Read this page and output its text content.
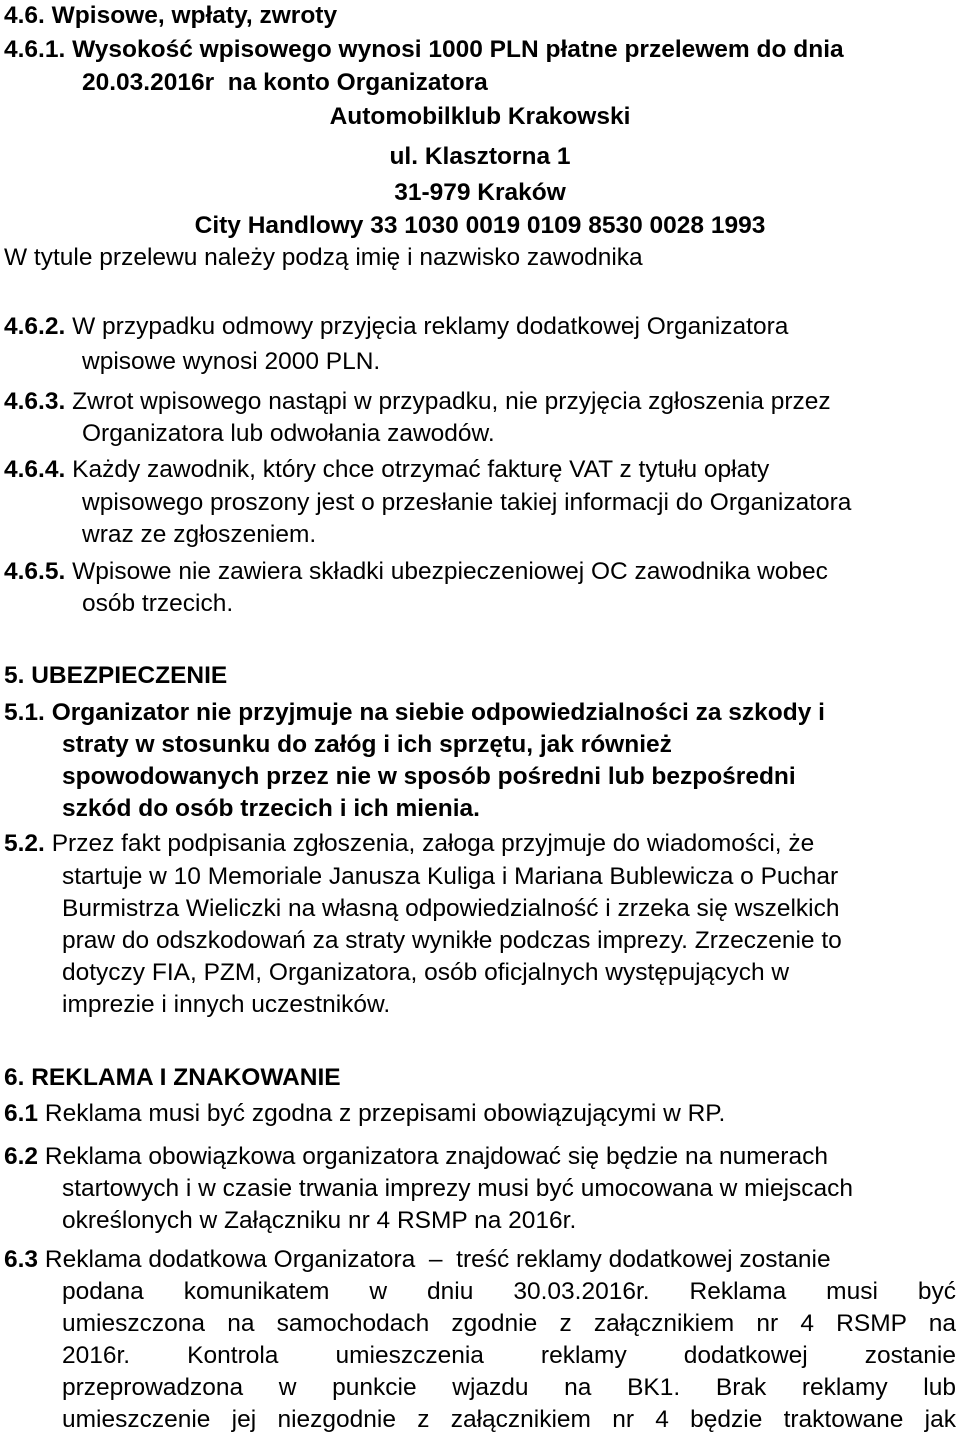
4.6. Wpisowe, wpłaty, zwroty
4.6.1. Wysokość wpisowego wynosi 1000 PLN płatne przelewem do dnia
20.03.2016r  na konto Organizatora
Automobilklub Krakowski
ul. Klasztorna 1
31-979 Kraków
City Handlowy 33 1030 0019 0109 8530 0028 1993
W tytule przelewu należy podzą imię i nazwisko zawodnika
4.6.2. W przypadku odmowy przyjęcia reklamy dodatkowej Organizatora
wpisowe wynosi 2000 PLN.
4.6.3. Zwrot wpisowego nastąpi w przypadku, nie przyjęcia zgłoszenia przez
Organizatora lub odwołania zawodów.
4.6.4. Każdy zawodnik, który chce otrzymać fakturę VAT z tytułu opłaty
wpisowego proszony jest o przesłanie takiej informacji do Organizatora
wraz ze zgłoszeniem.
4.6.5. Wpisowe nie zawiera składki ubezpieczeniowej OC zawodnika wobec
osób trzecich.
5. UBEZPIECZENIE
5.1. Organizator nie przyjmuje na siebie odpowiedzialności za szkody i
straty w stosunku do załóg i ich sprzętu, jak również
spowodowanych przez nie w sposób pośredni lub bezpośredni
szkód do osób trzecich i ich mienia.
5.2. Przez fakt podpisania zgłoszenia, załoga przyjmuje do wiadomości, że
startuje w 10 Memoriale Janusza Kuliga i Mariana Bublewicza o Puchar
Burmistrza Wieliczki na własną odpowiedzialność i zrzeka się wszelkich
praw do odszkodowań za straty wynikłe podczas imprezy. Zrzeczenie to
dotyczy FIA, PZM, Organizatora, osób oficjalnych występujących w
imprezie i innych uczestników.
6. REKLAMA I ZNAKOWANIE
6.1 Reklama musi być zgodna z przepisami obowiązującymi w RP.
6.2 Reklama obowiązkowa organizatora znajdować się będzie na numerach
startowych i w czasie trwania imprezy musi być umocowana w miejscach
określonych w Załączniku nr 4 RSMP na 2016r.
6.3 Reklama dodatkowa Organizatora  –  treść reklamy dodatkowej zostanie
podana komunikatem w dniu 30.03.2016r. Reklama musi być
umieszczona na samochodach zgodnie z załącznikiem nr 4 RSMP na
2016r. Kontrola umieszczenia reklamy dodatkowej zostanie
przeprowadzona w punkcie wjazdu na BK1. Brak reklamy lub
umieszczenie jej niezgodnie z załącznikiem nr 4 będzie traktowane jak
